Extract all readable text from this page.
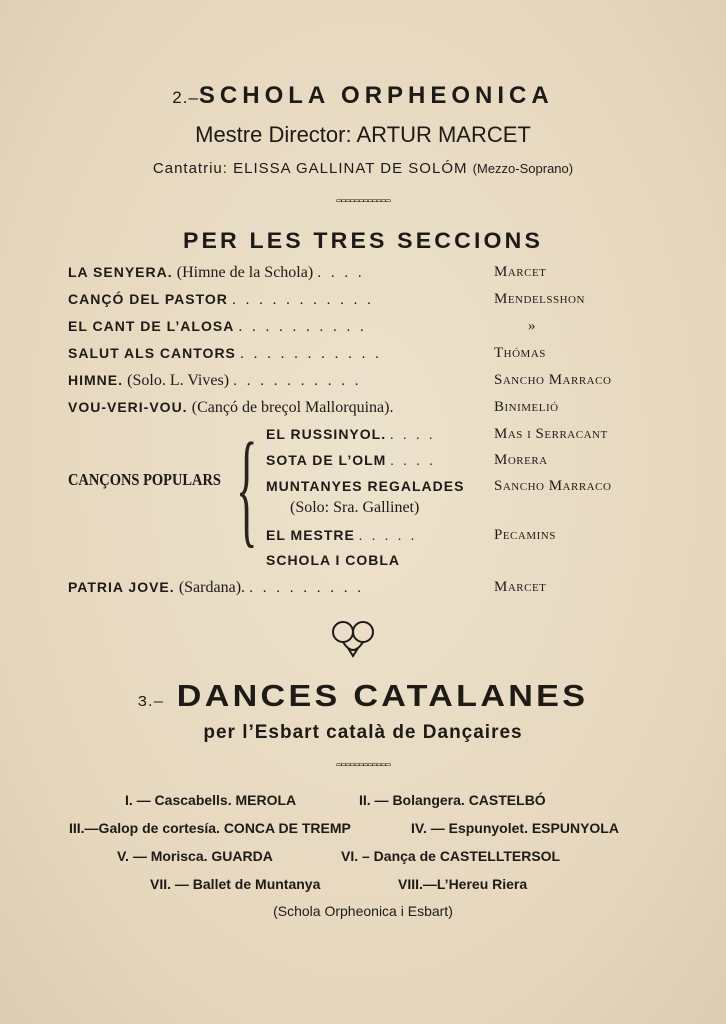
2.–SCHOLA ORPHEONICA
Mestre Director: ARTUR MARCET
Cantatriu: ELISSA GALLINAT DE SOLÓM (Mezzo-Soprano)
▭▭▭▭▭▭▭▭▭▭▭▭
PER LES TRES SECCIONS
LA SENYERA. (Himne de la Schola) . . . .	Marcet
CANÇÓ DEL PASTOR . . . . . . . . . . .	Mendelsshon
EL CANT DE L’ALOSA . . . . . . . . . .	»
SALUT ALS CANTORS . . . . . . . . . . .	Thómas
HIMNE. (Solo. L. Vives) . . . . . . . . . .	Sancho Marraco
VOU-VERI-VOU. (Cançó de breçol Mallorquina).	Binimelió
CANÇONS POPULARS { EL RUSSINYOL. . . . .	Mas i Serracant
SOTA DE L’OLM . . . .	Morera
MUNTANYES REGALADES Sancho Marraco
(Solo: Sra. Gallinet)
EL MESTRE . . . . .	Pecamins
SCHOLA I COBLA
PATRIA JOVE. (Sardana). . . . . . . . . .	Marcet
3.– DANCES CATALANES
per l’Esbart català de Dançaires
▭▭▭▭▭▭▭▭▭▭▭▭
I. — Cascabells. MEROLA	II. — Bolangera. CASTELBÓ
III.—Galop de cortesía. CONCA DE TREMP	IV. — Espunyolet. ESPUNYOLA
V. — Morisca. GUARDA	VI. – Dança de CASTELLTERSOL
VII. — Ballet de Muntanya	VIII.—L’Hereu Riera
(Schola Orpheonica i Esbart)
